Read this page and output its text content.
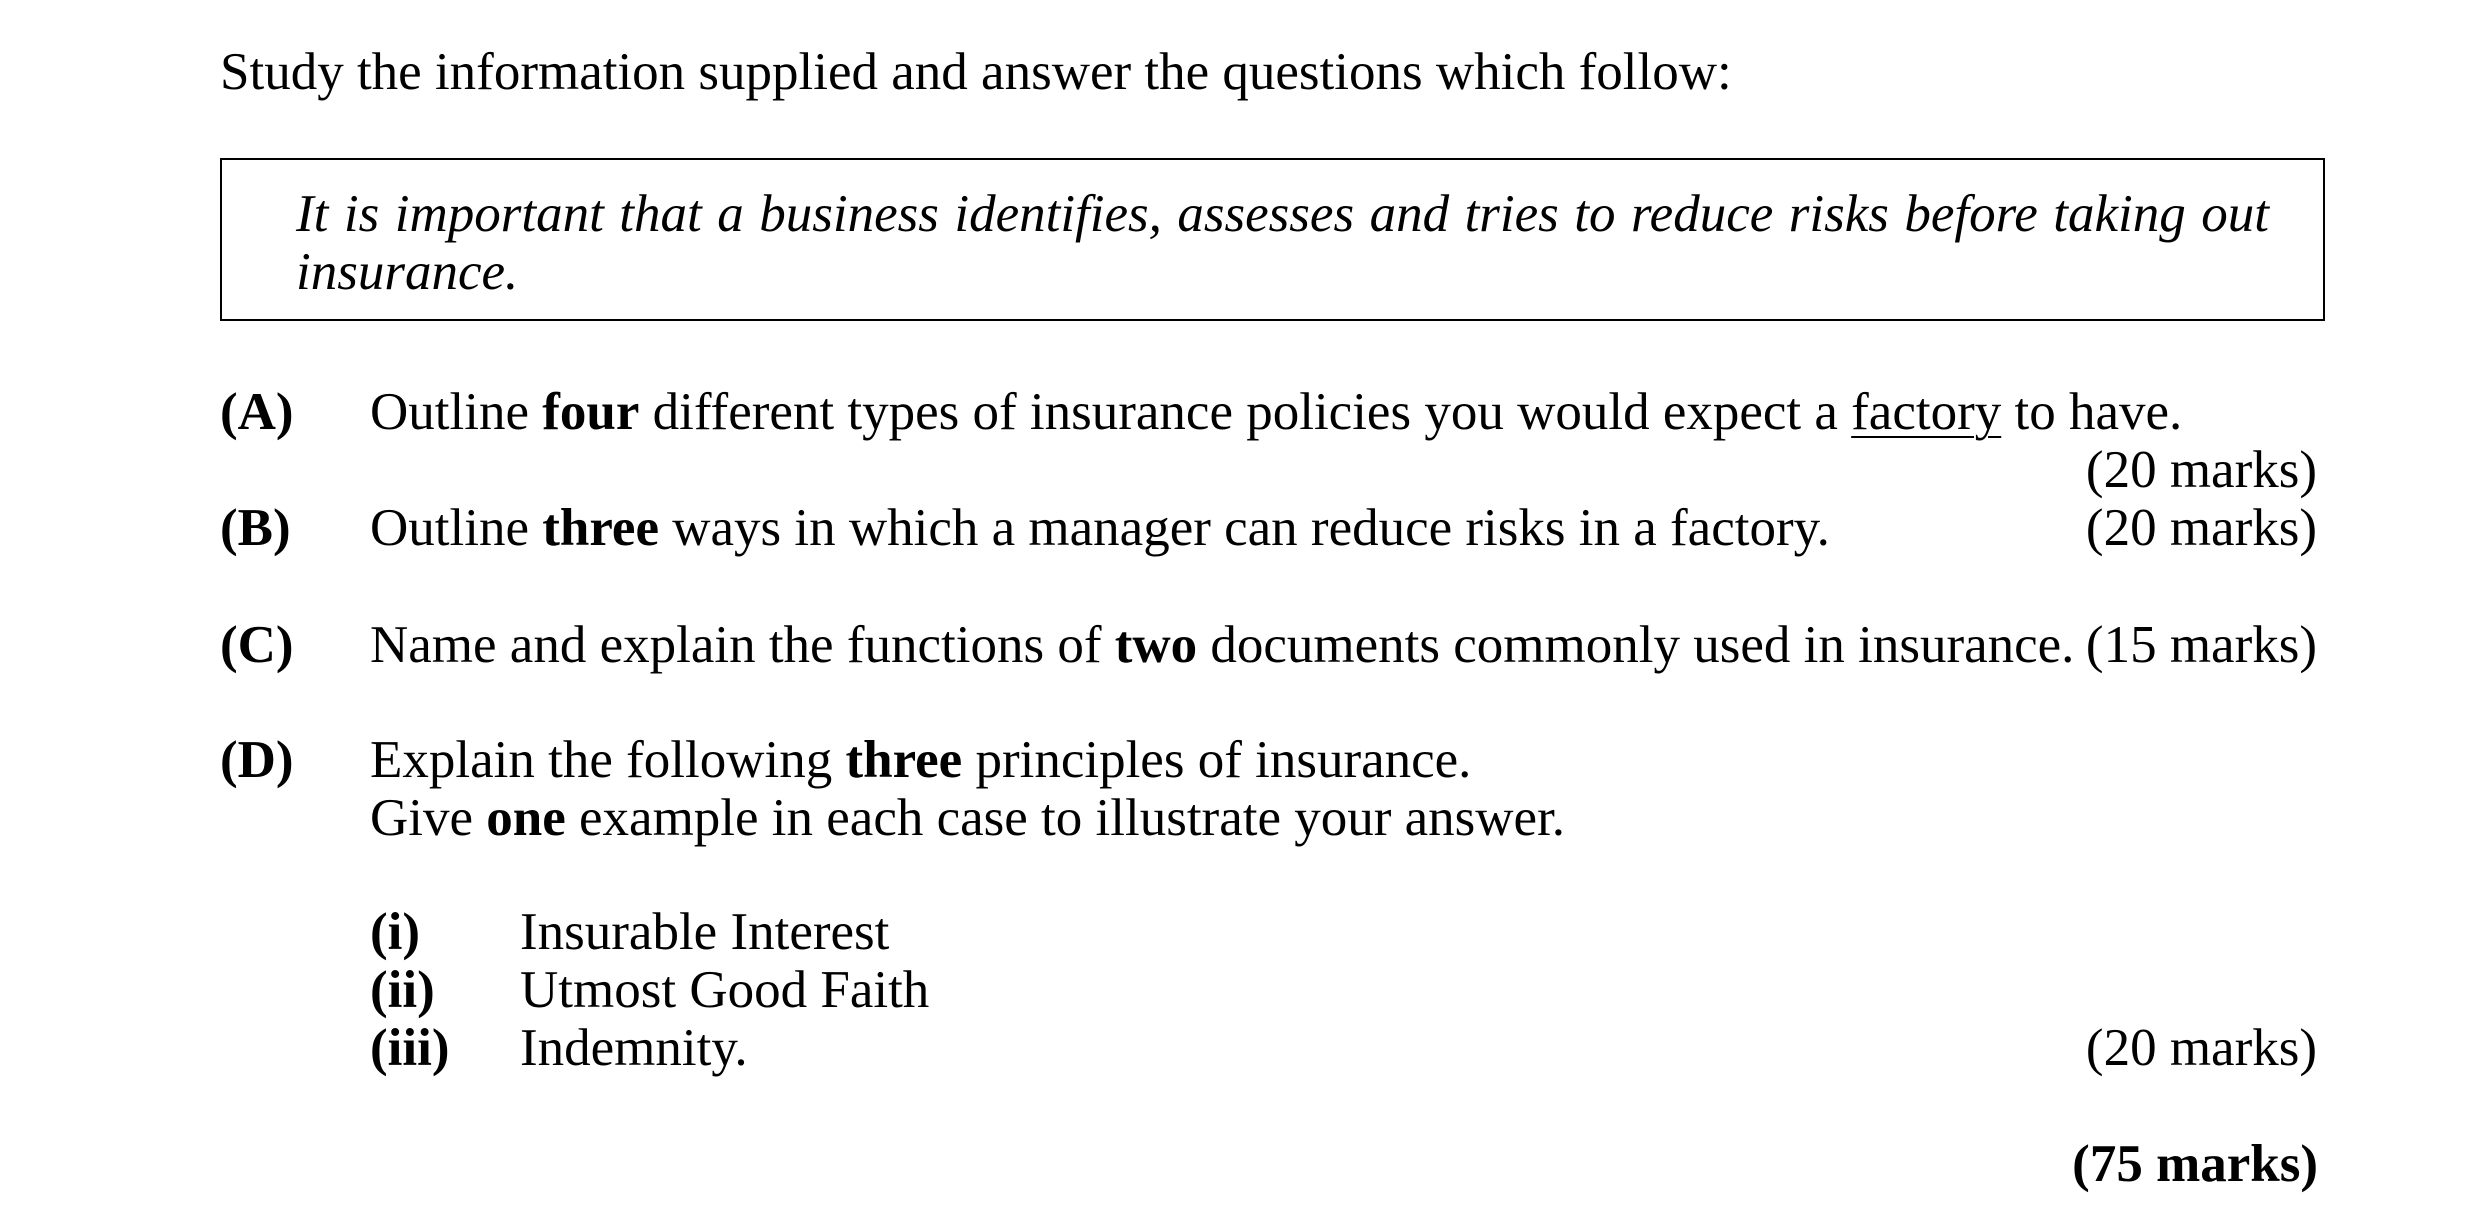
Study the information supplied and answer the questions which follow:
It is important that a business identifies, assesses and tries to reduce risks before taking out insurance.
(A) Outline four different types of insurance policies you would expect a factory to have.
(20 marks)
(B) Outline three ways in which a manager can reduce risks in a factory.	(20 marks)
(C) Name and explain the functions of two documents commonly used in insurance. (15 marks)
(D) Explain the following three principles of insurance.
Give one example in each case to illustrate your answer.
(i) Insurable Interest
(ii) Utmost Good Faith
(iii) Indemnity.	(20 marks)
(75 marks)
